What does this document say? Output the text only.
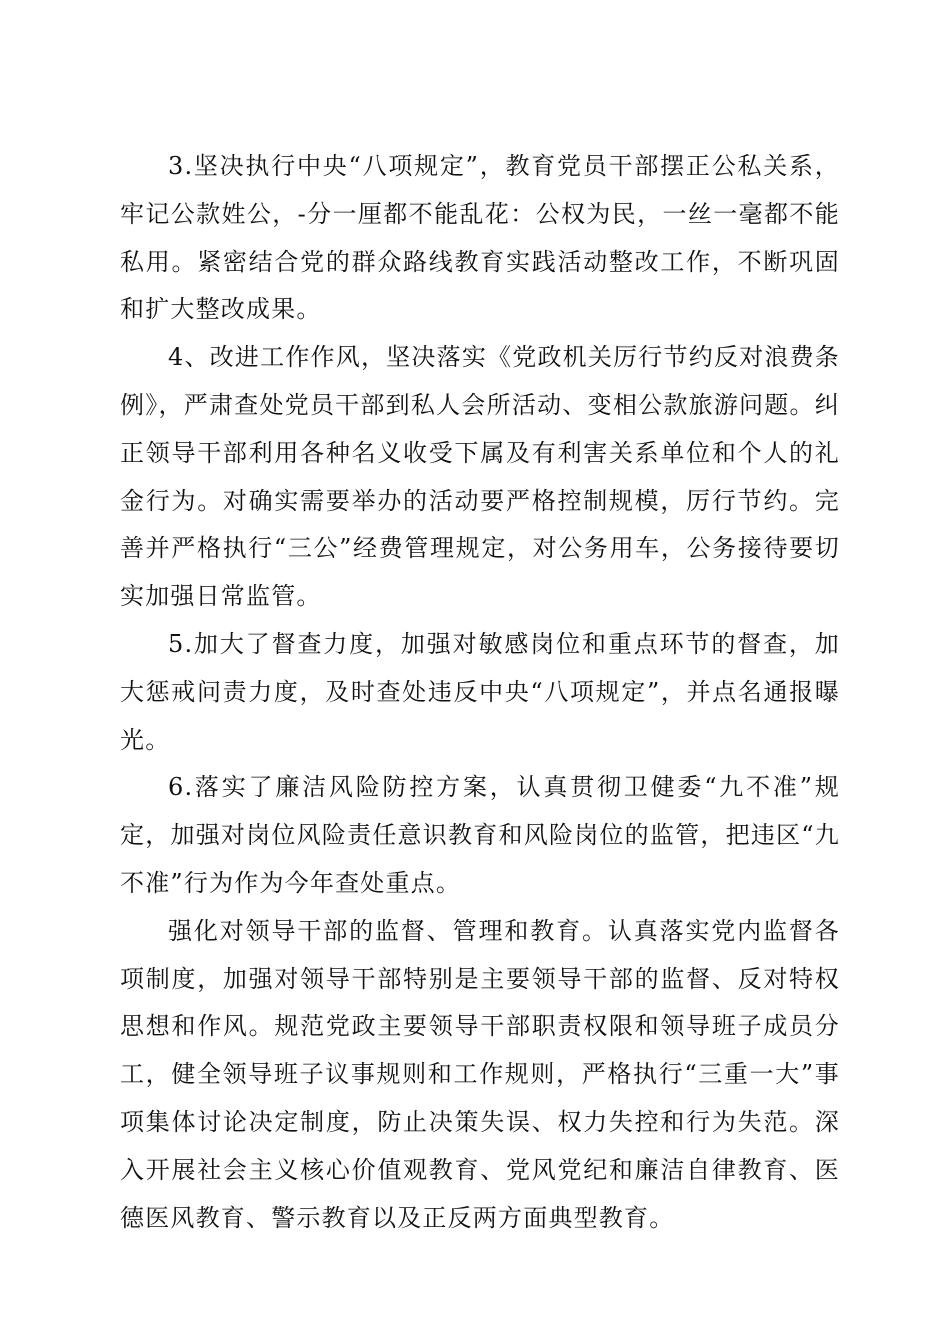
3.坚决执行中央“八项规定”，教育党员干部摆正公私关系，牢记公款姓公，-分一厘都不能乱花：公权为民，一丝一毫都不能私用。紧密结合党的群众路线教育实践活动整改工作，不断巩固和扩大整改成果。

4、改进工作作风，坚决落实《党政机关厉行节约反对浪费条例》，严肃查处党员干部到私人会所活动、变相公款旅游问题。纠正领导干部利用各种名义收受下属及有利害关系单位和个人的礼金行为。对确实需要举办的活动要严格控制规模，厉行节约。完善并严格执行“三公”经费管理规定，对公务用车，公务接待要切实加强日常监管。

5.加大了督查力度，加强对敏感岗位和重点环节的督查，加大惩戒问责力度，及时查处违反中央“八项规定”，并点名通报曝光。

6.落实了廉洁风险防控方案，认真贯彻卫健委“九不准”规定，加强对岗位风险责任意识教育和风险岗位的监管，把违区“九不准”行为作为今年查处重点。

强化对领导干部的监督、管理和教育。认真落实党内监督各项制度，加强对领导干部特别是主要领导干部的监督、反对特权思想和作风。规范党政主要领导干部职责权限和领导班子成员分工，健全领导班子议事规则和工作规则，严格执行“三重一大”事项集体讨论决定制度，防止决策失误、权力失控和行为失范。深入开展社会主义核心价值观教育、党风党纪和廉洁自律教育、医德医风教育、警示教育以及正反两方面典型教育。
